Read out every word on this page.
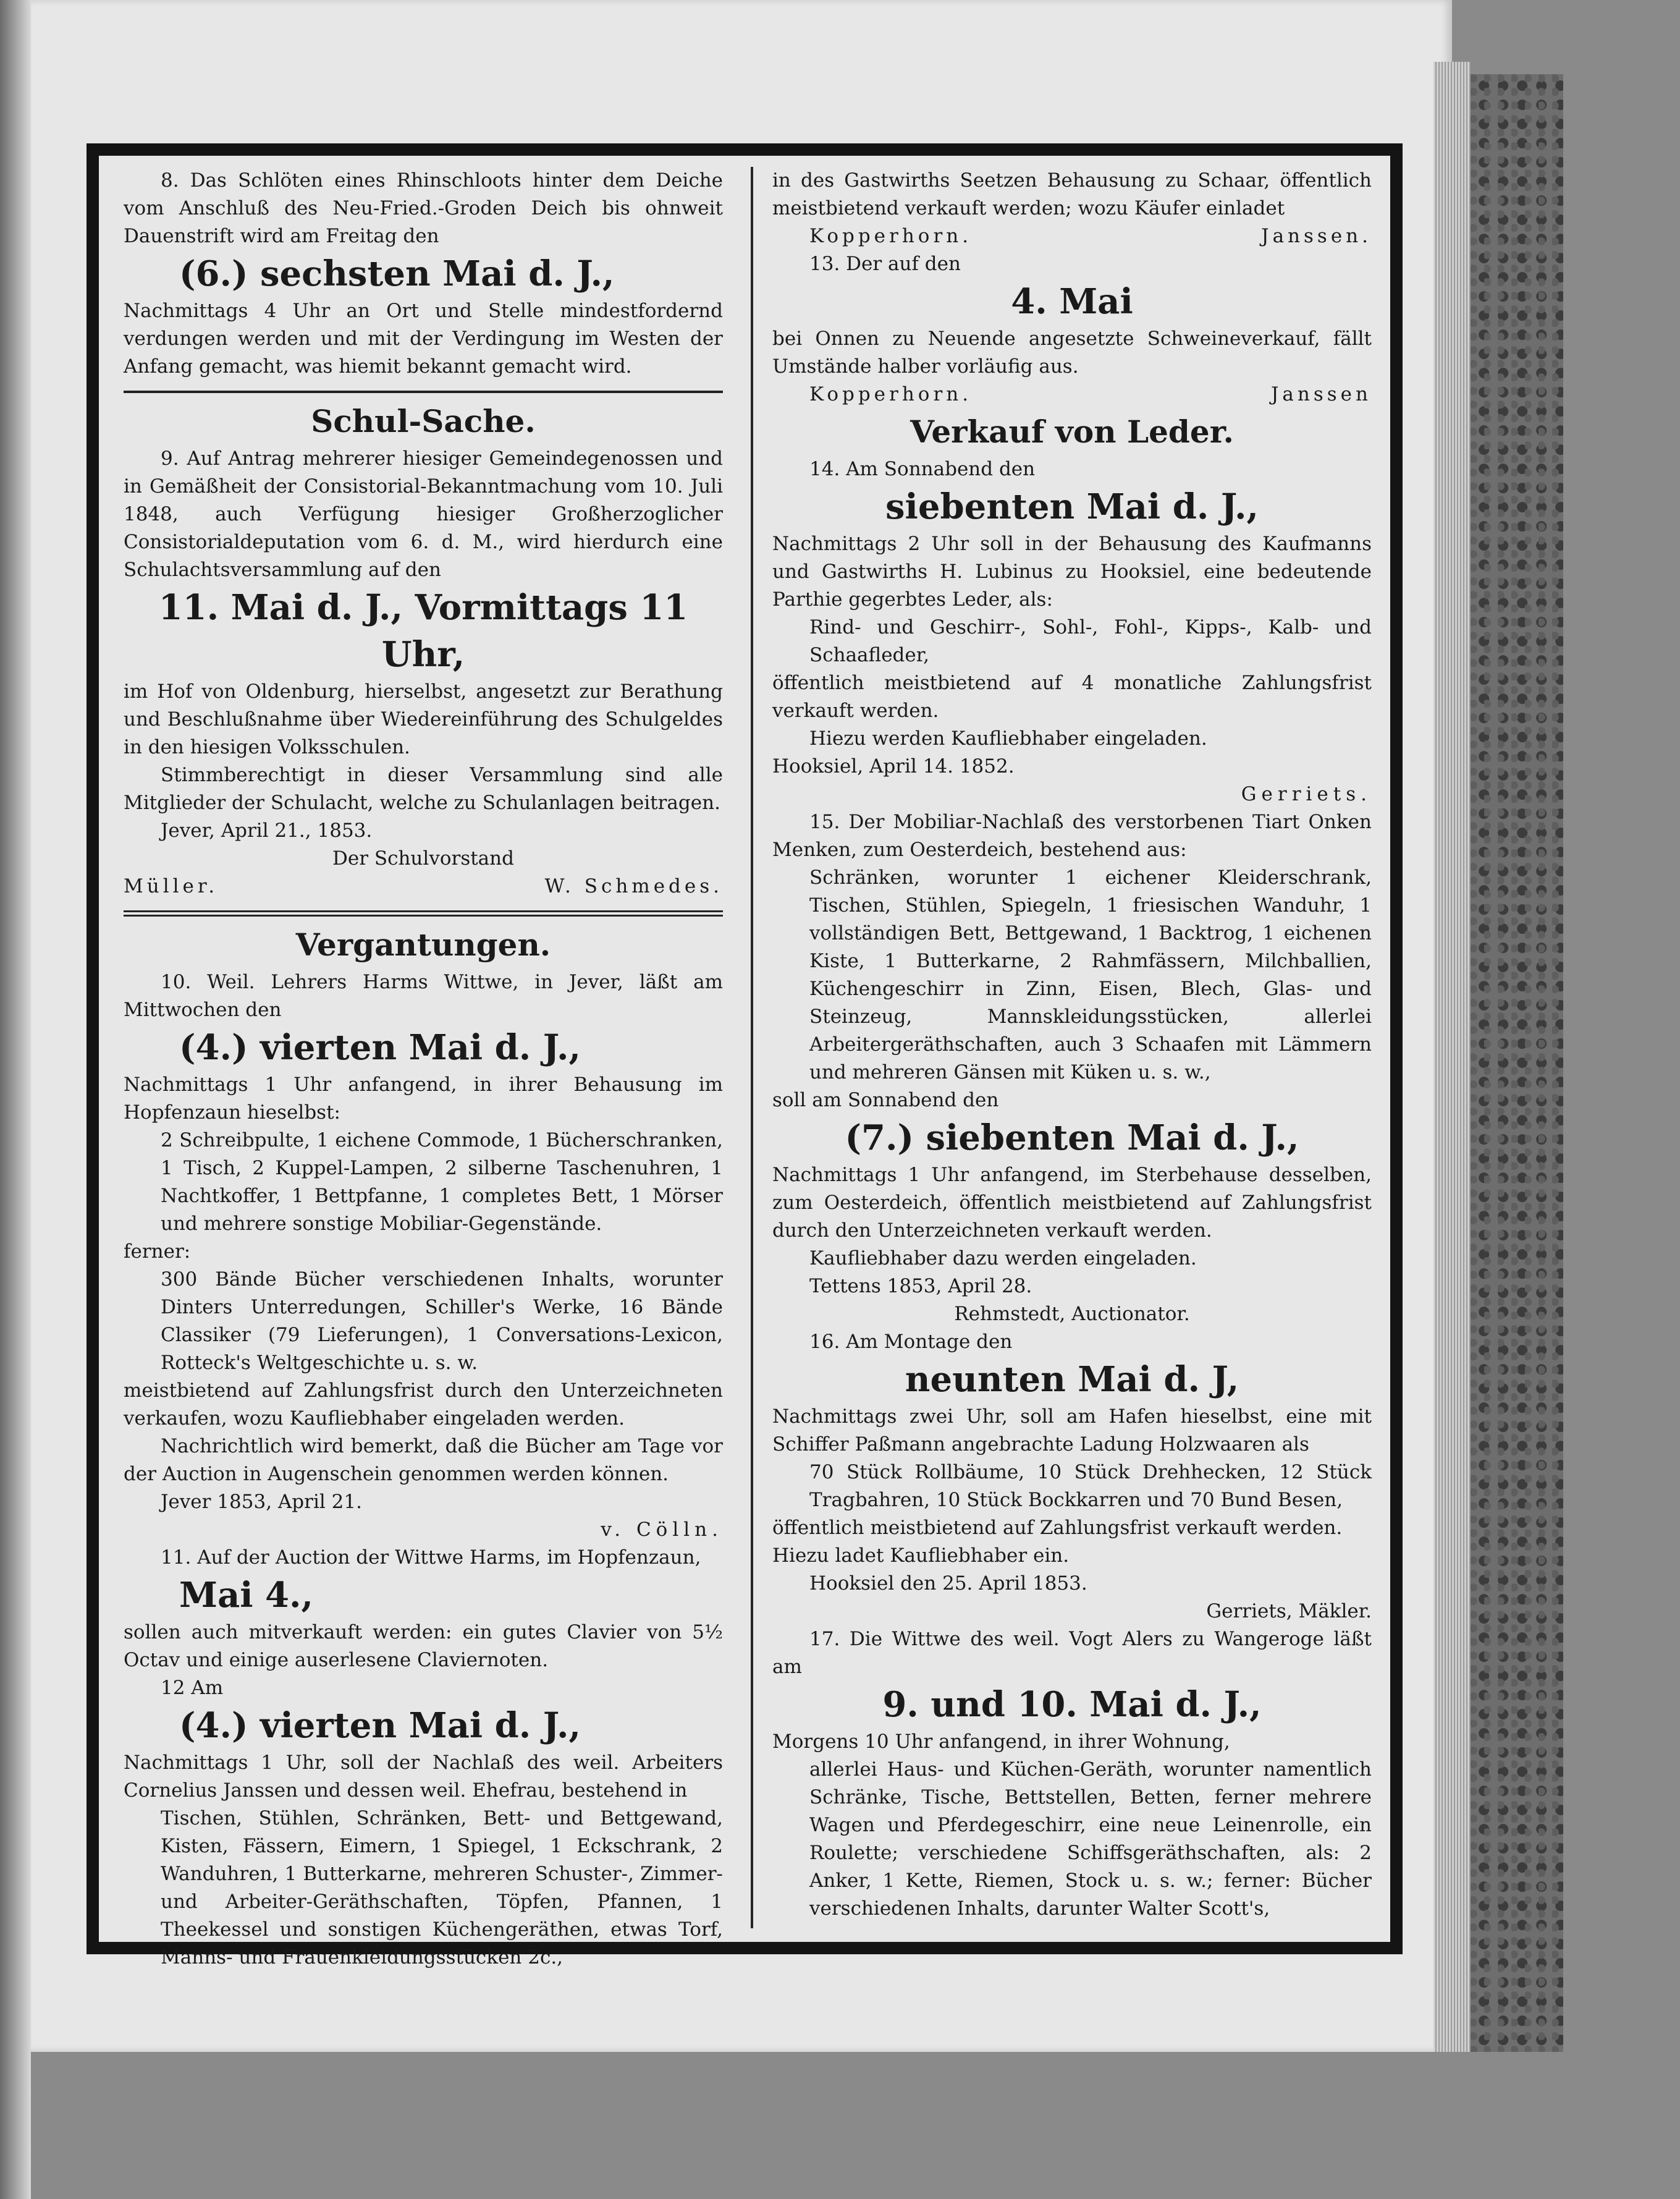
8. Das Schlöten eines Rhinschloots hinter dem Deiche vom Anschluß des Neu-Fried.-Groden Deich bis ohnweit Dauenstrift wird am Freitag den

(6.) sechsten Mai d. J.,

Nachmittags 4 Uhr an Ort und Stelle mindestfordernd verdungen werden und mit der Verdingung im Westen der Anfang gemacht, was hiemit bekannt gemacht wird.

Schul-Sache.

9. Auf Antrag mehrerer hiesiger Gemeindegenossen und in Gemäßheit der Consistorial-Bekanntmachung vom 10. Juli 1848, auch Verfügung hiesiger Großherzoglicher Consistorialdeputation vom 6. d. M., wird hierdurch eine Schulachtsversammlung auf den

11. Mai d. J., Vormittags 11 Uhr,

im Hof von Oldenburg, hierselbst, angesetzt zur Berathung und Beschlußnahme über Wiedereinführung des Schulgeldes in den hiesigen Volksschulen.

Stimmberechtigt in dieser Versammlung sind alle Mitglieder der Schulacht, welche zu Schulanlagen beitragen.

Jever, April 21., 1853.

Der Schulvorstand

Müller.	W. Schmedes.

Vergantungen.

10. Weil. Lehrers Harms Wittwe, in Jever, läßt am Mittwochen den

(4.) vierten Mai d. J.,

Nachmittags 1 Uhr anfangend, in ihrer Behausung im Hopfenzaun hieselbst:

2 Schreibpulte, 1 eichene Commode, 1 Bücherschranken, 1 Tisch, 2 Kuppel-Lampen, 2 silberne Taschenuhren, 1 Nachtkoffer, 1 Bettpfanne, 1 completes Bett, 1 Mörser und mehrere sonstige Mobiliar-Gegenstände.

ferner:

300 Bände Bücher verschiedenen Inhalts, worunter Dinters Unterredungen, Schiller's Werke, 16 Bände Classiker (79 Lieferungen), 1 Conversations-Lexicon, Rotteck's Weltgeschichte u. s. w.

meistbietend auf Zahlungsfrist durch den Unterzeichneten verkaufen, wozu Kaufliebhaber eingeladen werden.

Nachrichtlich wird bemerkt, daß die Bücher am Tage vor der Auction in Augenschein genommen werden können.

Jever 1853, April 21.

v. Cölln.

11. Auf der Auction der Wittwe Harms, im Hopfenzaun,

Mai 4.,

sollen auch mitverkauft werden: ein gutes Clavier von 5½ Octav und einige auserlesene Claviernoten.

12 Am

(4.) vierten Mai d. J.,

Nachmittags 1 Uhr, soll der Nachlaß des weil. Arbeiters Cornelius Janssen und dessen weil. Ehefrau, bestehend in

Tischen, Stühlen, Schränken, Bett- und Bettgewand, Kisten, Fässern, Eimern, 1 Spiegel, 1 Eckschrank, 2 Wanduhren, 1 Butterkarne, mehreren Schuster-, Zimmer- und Arbeiter-Geräthschaften, Töpfen, Pfannen, 1 Theekessel und sonstigen Küchengeräthen, etwas Torf, Manns- und Frauenkleidungsstücken 2c.,

in des Gastwirths Seetzen Behausung zu Schaar, öffentlich meistbietend verkauft werden; wozu Käufer einladet

Kopperhorn.	Janssen.

13. Der auf den

4. Mai

bei Onnen zu Neuende angesetzte Schweineverkauf, fällt Umstände halber vorläufig aus.

Kopperhorn.	Janssen

Verkauf von Leder.

14. Am Sonnabend den

siebenten Mai d. J.,

Nachmittags 2 Uhr soll in der Behausung des Kaufmanns und Gastwirths H. Lubinus zu Hooksiel, eine bedeutende Parthie gegerbtes Leder, als:

Rind- und Geschirr-, Sohl-, Fohl-, Kipps-, Kalb- und Schaafleder,

öffentlich meistbietend auf 4 monatliche Zahlungsfrist verkauft werden.

Hiezu werden Kaufliebhaber eingeladen.

Hooksiel, April 14. 1852.

Gerriets.

15. Der Mobiliar-Nachlaß des verstorbenen Tiart Onken Menken, zum Oesterdeich, bestehend aus:

Schränken, worunter 1 eichener Kleiderschrank, Tischen, Stühlen, Spiegeln, 1 friesischen Wanduhr, 1 vollständigen Bett, Bettgewand, 1 Backtrog, 1 eichenen Kiste, 1 Butterkarne, 2 Rahmfässern, Milchballien, Küchengeschirr in Zinn, Eisen, Blech, Glas- und Steinzeug, Mannskleidungsstücken, allerlei Arbeitergeräthschaften, auch 3 Schaafen mit Lämmern und mehreren Gänsen mit Küken u. s. w.,

soll am Sonnabend den

(7.) siebenten Mai d. J.,

Nachmittags 1 Uhr anfangend, im Sterbehause desselben, zum Oesterdeich, öffentlich meistbietend auf Zahlungsfrist durch den Unterzeichneten verkauft werden.

Kaufliebhaber dazu werden eingeladen.

Tettens 1853, April 28.

Rehmstedt, Auctionator.

16. Am Montage den

neunten Mai d. J,

Nachmittags zwei Uhr, soll am Hafen hieselbst, eine mit Schiffer Paßmann angebrachte Ladung Holzwaaren als

70 Stück Rollbäume, 10 Stück Drehhecken, 12 Stück Tragbahren, 10 Stück Bockkarren und 70 Bund Besen,

öffentlich meistbietend auf Zahlungsfrist verkauft werden.

Hiezu ladet Kaufliebhaber ein.

Hooksiel den 25. April 1853.

Gerriets, Mäkler.

17. Die Wittwe des weil. Vogt Alers zu Wangeroge läßt am

9. und 10. Mai d. J.,

Morgens 10 Uhr anfangend, in ihrer Wohnung,

allerlei Haus- und Küchen-Geräth, worunter namentlich Schränke, Tische, Bettstellen, Betten, ferner mehrere Wagen und Pferdegeschirr, eine neue Leinenrolle, ein Roulette; verschiedene Schiffsgeräthschaften, als: 2 Anker, 1 Kette, Riemen, Stock u. s. w.; ferner: Bücher verschiedenen Inhalts, darunter Walter Scott's,
